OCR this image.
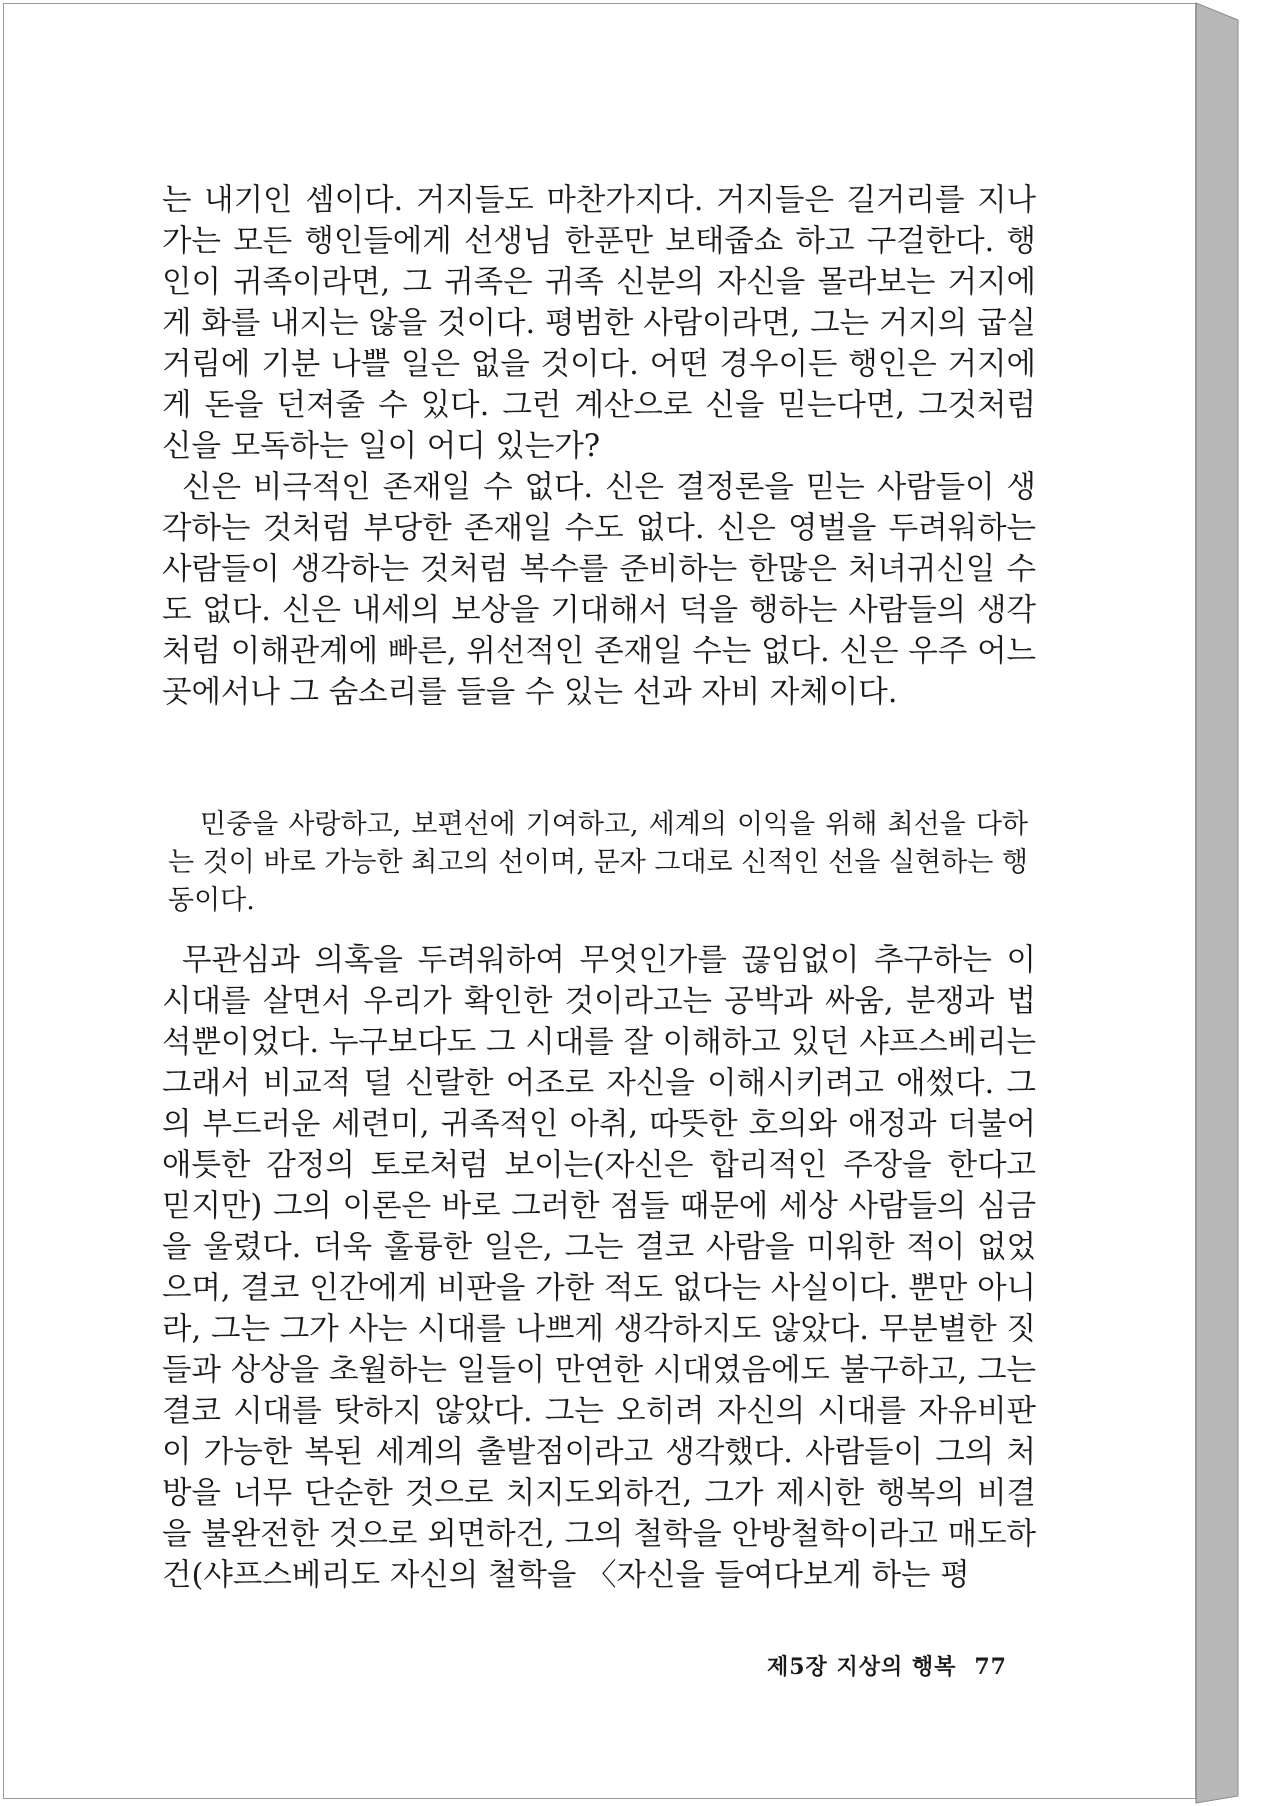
는 내기인 셈이다. 거지들도 마찬가지다. 거지들은 길거리를 지나가는 모든 행인들에게 선생님 한푼만 보태줍쇼 하고 구걸한다. 행인이 귀족이라면, 그 귀족은 귀족 신분의 자신을 몰라보는 거지에게 화를 내지는 않을 것이다. 평범한 사람이라면, 그는 거지의 굽실거림에 기분 나쁠 일은 없을 것이다. 어떤 경우이든 행인은 거지에게 돈을 던져줄 수 있다. 그런 계산으로 신을 믿는다면, 그것처럼 신을 모독하는 일이 어디 있는가?

신은 비극적인 존재일 수 없다. 신은 결정론을 믿는 사람들이 생각하는 것처럼 부당한 존재일 수도 없다. 신은 영벌을 두려워하는 사람들이 생각하는 것처럼 복수를 준비하는 한많은 처녀귀신일 수도 없다. 신은 내세의 보상을 기대해서 덕을 행하는 사람들의 생각처럼 이해관계에 빠른, 위선적인 존재일 수는 없다. 신은 우주 어느 곳에서나 그 숨소리를 들을 수 있는 선과 자비 자체이다.

민중을 사랑하고, 보편선에 기여하고, 세계의 이익을 위해 최선을 다하는 것이 바로 가능한 최고의 선이며, 문자 그대로 신적인 선을 실현하는 행동이다.

무관심과 의혹을 두려워하여 무엇인가를 끊임없이 추구하는 이 시대를 살면서 우리가 확인한 것이라고는 공박과 싸움, 분쟁과 법석뿐이었다. 누구보다도 그 시대를 잘 이해하고 있던 샤프스베리는 그래서 비교적 덜 신랄한 어조로 자신을 이해시키려고 애썼다. 그의 부드러운 세련미, 귀족적인 아취, 따뜻한 호의와 애정과 더불어 애틋한 감정의 토로처럼 보이는(자신은 합리적인 주장을 한다고 믿지만) 그의 이론은 바로 그러한 점들 때문에 세상 사람들의 심금을 울렸다. 더욱 훌륭한 일은, 그는 결코 사람을 미워한 적이 없었으며, 결코 인간에게 비판을 가한 적도 없다는 사실이다. 뿐만 아니라, 그는 그가 사는 시대를 나쁘게 생각하지도 않았다. 무분별한 짓들과 상상을 초월하는 일들이 만연한 시대였음에도 불구하고, 그는 결코 시대를 탓하지 않았다. 그는 오히려 자신의 시대를 자유비판이 가능한 복된 세계의 출발점이라고 생각했다. 사람들이 그의 처방을 너무 단순한 것으로 치지도외하건, 그가 제시한 행복의 비결을 불완전한 것으로 외면하건, 그의 철학을 안방철학이라고 매도하건(샤프스베리도 자신의 철학을 〈자신을 들여다보게 하는 평

제5장 지상의 행복 77
